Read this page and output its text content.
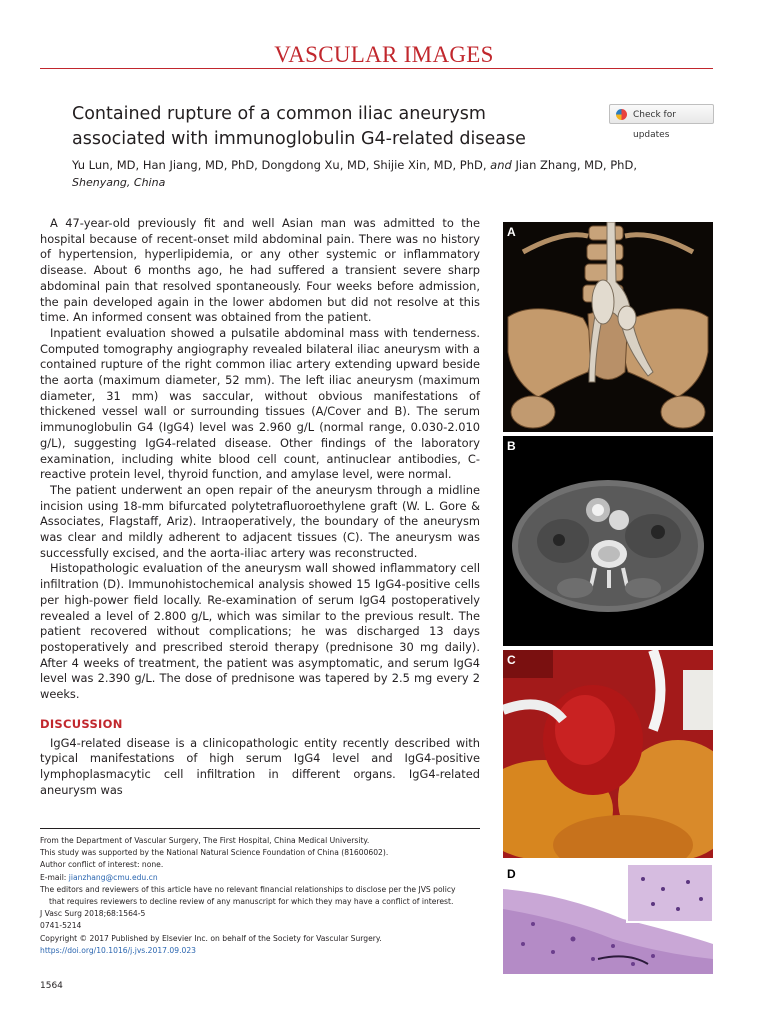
VASCULAR IMAGES
Contained rupture of a common iliac aneurysm
associated with immunoglobulin G4-related disease
Check for updates
Yu Lun, MD, Han Jiang, MD, PhD, Dongdong Xu, MD, Shijie Xin, MD, PhD, and Jian Zhang, MD, PhD,
Shenyang, China

A 47-year-old previously fit and well Asian man was admitted to the hospital because of recent-onset mild abdominal pain. There was no history of hypertension, hyperlipidemia, or any other systemic or inflammatory disease. About 6 months ago, he had suffered a transient severe sharp abdominal pain that resolved spontaneously. Four weeks before admission, the pain developed again in the lower abdomen but did not resolve at this time. An informed consent was obtained from the patient.

Inpatient evaluation showed a pulsatile abdominal mass with tenderness. Computed tomography angiography revealed bilateral iliac aneurysm with a contained rupture of the right common iliac artery extending upward beside the aorta (maximum diameter, 52 mm). The left iliac aneurysm (maximum diameter, 31 mm) was saccular, without obvious manifestations of thickened vessel wall or surrounding tissues (A/Cover and B). The serum immunoglobulin G4 (IgG4) level was 2.960 g/L (normal range, 0.030-2.010 g/L), suggesting IgG4-related disease. Other findings of the laboratory examination, including white blood cell count, antinuclear antibodies, C-reactive protein level, thyroid function, and amylase level, were normal.

The patient underwent an open repair of the aneurysm through a midline incision using 18-mm bifurcated polytetrafluoroethylene graft (W. L. Gore & Associates, Flagstaff, Ariz). Intraoperatively, the boundary of the aneurysm was clear and mildly adherent to adjacent tissues (C). The aneurysm was successfully excised, and the aorta-iliac artery was reconstructed.

Histopathologic evaluation of the aneurysm wall showed inflammatory cell infiltration (D). Immunohistochemical analysis showed 15 IgG4-positive cells per high-power field locally. Re-examination of serum IgG4 postoperatively revealed a level of 2.800 g/L, which was similar to the previous result. The patient recovered without complications; he was discharged 13 days postoperatively and prescribed steroid therapy (prednisone 30 mg daily). After 4 weeks of treatment, the patient was asymptomatic, and serum IgG4 level was 2.390 g/L. The dose of prednisone was tapered by 2.5 mg every 2 weeks.

DISCUSSION

IgG4-related disease is a clinicopathologic entity recently described with typical manifestations of high serum IgG4 level and IgG4-positive lymphoplasmacytic cell infiltration in different organs. IgG4-related aneurysm was

From the Department of Vascular Surgery, The First Hospital, China Medical University.
This study was supported by the National Natural Science Foundation of China (81600602).
Author conflict of interest: none.
E-mail: jianzhang@cmu.edu.cn
The editors and reviewers of this article have no relevant financial relationships to disclose per the JVS policy
that requires reviewers to decline review of any manuscript for which they may have a conflict of interest.
J Vasc Surg 2018;68:1564-5
0741-5214
Copyright © 2017 Published by Elsevier Inc. on behalf of the Society for Vascular Surgery.
https://doi.org/10.1016/j.jvs.2017.09.023
1564
A
B
C
D
